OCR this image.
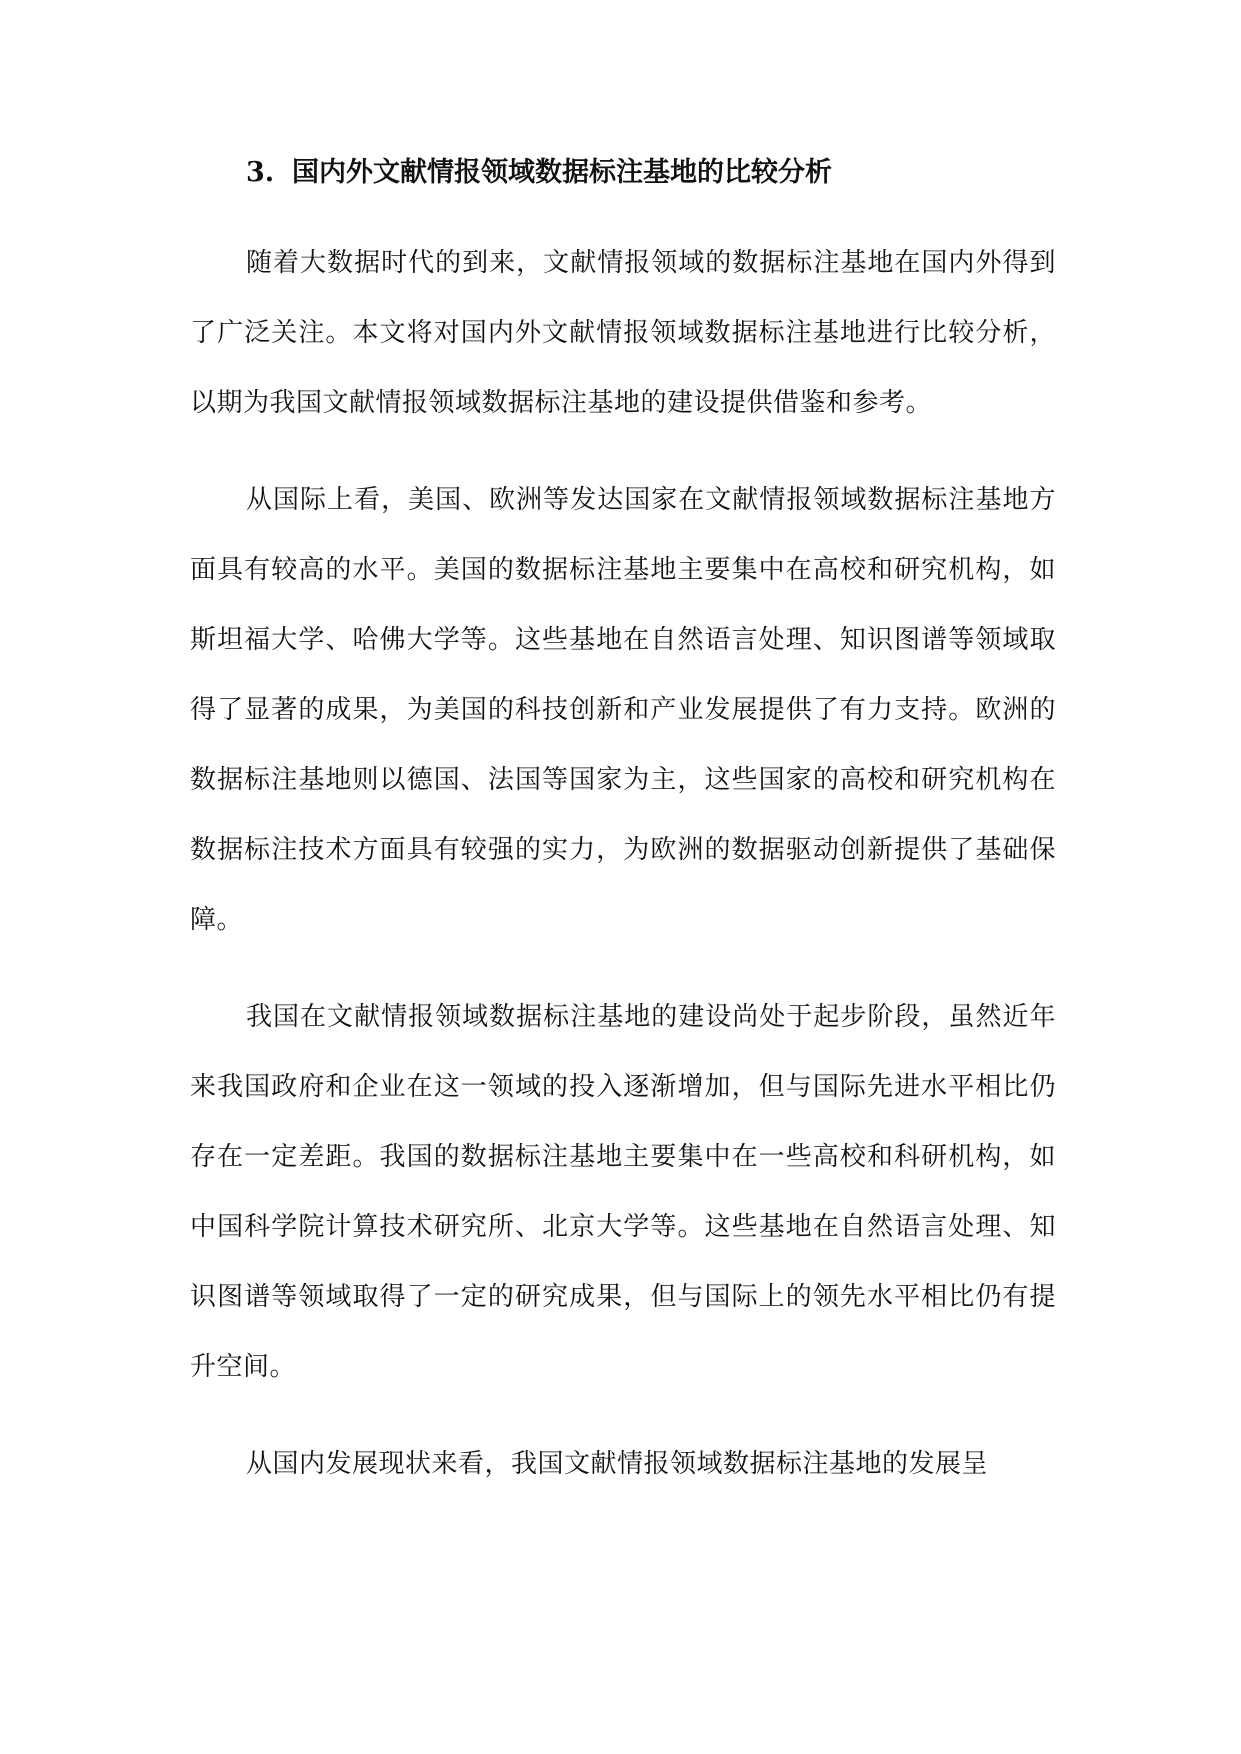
3. 国内外文献情报领域数据标注基地的比较分析

随着大数据时代的到来，文献情报领域的数据标注基地在国内外得到了广泛关注。本文将对国内外文献情报领域数据标注基地进行比较分析，以期为我国文献情报领域数据标注基地的建设提供借鉴和参考。

从国际上看，美国、欧洲等发达国家在文献情报领域数据标注基地方面具有较高的水平。美国的数据标注基地主要集中在高校和研究机构，如斯坦福大学、哈佛大学等。这些基地在自然语言处理、知识图谱等领域取得了显著的成果，为美国的科技创新和产业发展提供了有力支持。欧洲的数据标注基地则以德国、法国等国家为主，这些国家的高校和研究机构在数据标注技术方面具有较强的实力，为欧洲的数据驱动创新提供了基础保障。

我国在文献情报领域数据标注基地的建设尚处于起步阶段，虽然近年来我国政府和企业在这一领域的投入逐渐增加，但与国际先进水平相比仍存在一定差距。我国的数据标注基地主要集中在一些高校和科研机构，如中国科学院计算技术研究所、北京大学等。这些基地在自然语言处理、知识图谱等领域取得了一定的研究成果，但与国际上的领先水平相比仍有提升空间。

从国内发展现状来看，我国文献情报领域数据标注基地的发展呈
